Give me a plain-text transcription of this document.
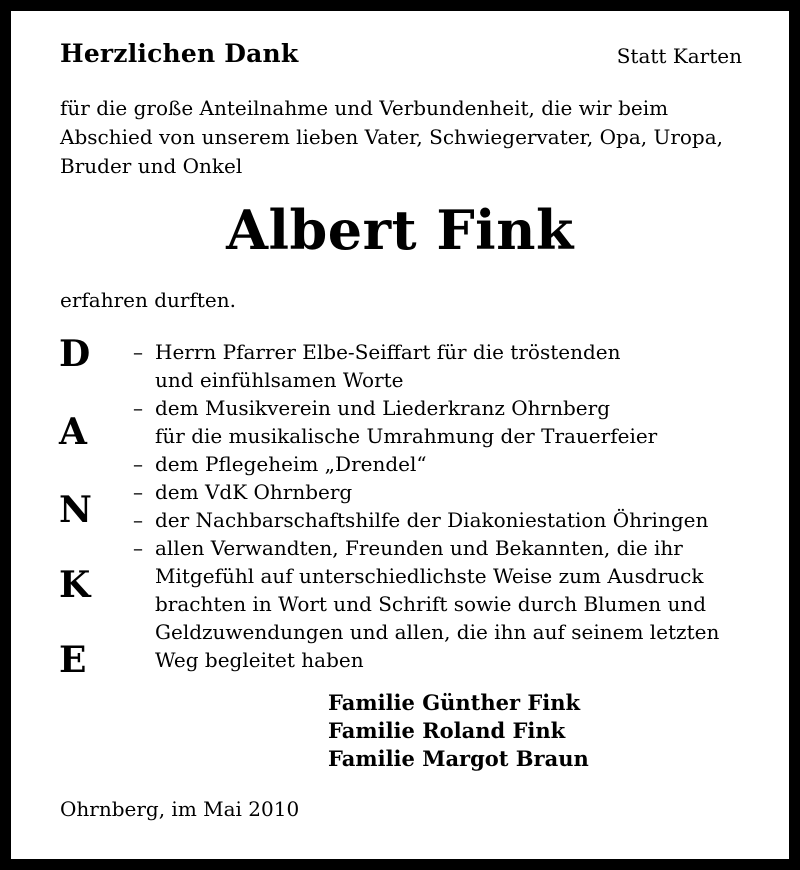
Herzlichen Dank	Statt Karten
für die große Anteilnahme und Verbundenheit, die wir beim
Abschied von unserem lieben Vater, Schwiegervater, Opa, Uropa,
Bruder und Onkel
Albert Fink
erfahren durften.
D
A
N
K
E
– Herrn Pfarrer Elbe-Seiffart für die tröstenden
und einfühlsamen Worte
– dem Musikverein und Liederkranz Ohrnberg
für die musikalische Umrahmung der Trauerfeier
– dem Pflegeheim „Drendel“
– dem VdK Ohrnberg
– der Nachbarschaftshilfe der Diakoniestation Öhringen
– allen Verwandten, Freunden und Bekannten, die ihr
Mitgefühl auf unterschiedlichste Weise zum Ausdruck
brachten in Wort und Schrift sowie durch Blumen und
Geldzuwendungen und allen, die ihn auf seinem letzten
Weg begleitet haben
Familie Günther Fink
Familie Roland Fink
Familie Margot Braun
Ohrnberg, im Mai 2010
